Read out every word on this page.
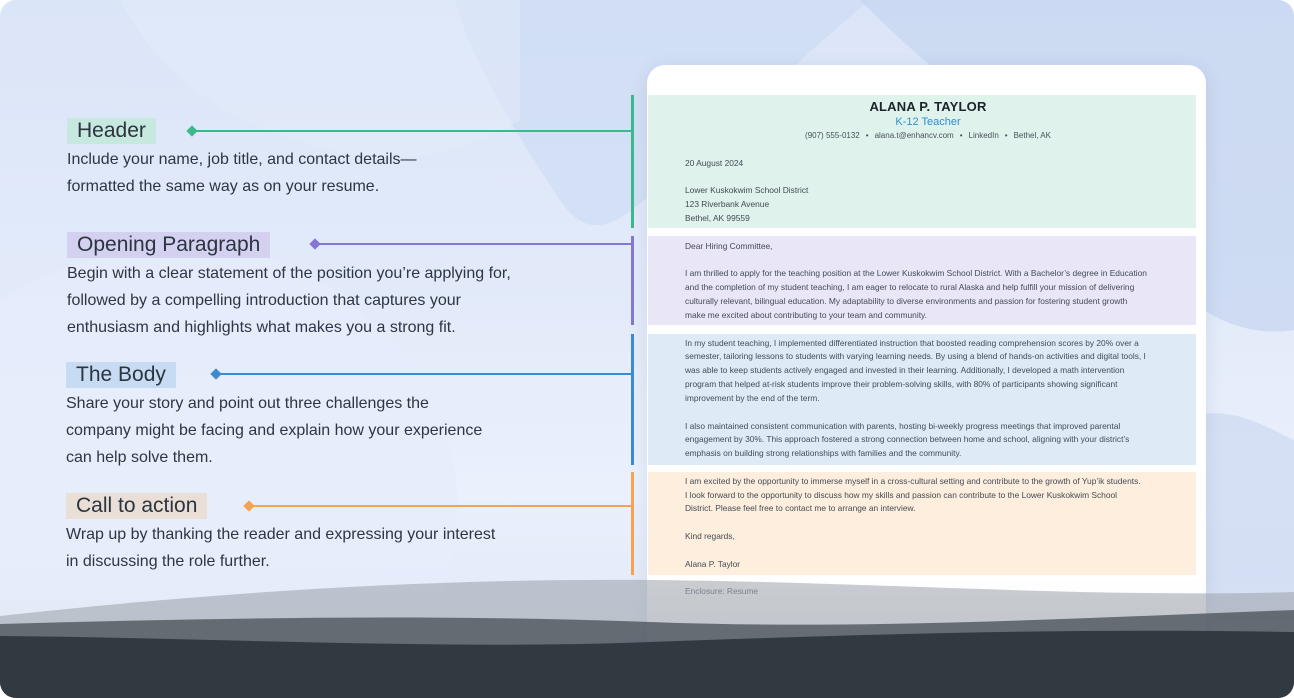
Header
Include your name, job title, and contact details—
formatted the same way as on your resume.
Opening Paragraph
Begin with a clear statement of the position you’re applying for,
followed by a compelling introduction that captures your
enthusiasm and highlights what makes you a strong fit.
The Body
Share your story and point out three challenges the
company might be facing and explain how your experience
can help solve them.
Call to action
Wrap up by thanking the reader and expressing your interest
in discussing the role further.
ALANA P. TAYLOR
K-12 Teacher
(907) 555-0132 • alana.t@enhancv.com • LinkedIn • Bethel, AK
20 August 2024
Lower Kuskokwim School District
123 Riverbank Avenue
Bethel, AK 99559
Dear Hiring Committee,
I am thrilled to apply for the teaching position at the Lower Kuskokwim School District. With a Bachelor’s degree in Education
and the completion of my student teaching, I am eager to relocate to rural Alaska and help fulfill your mission of delivering
culturally relevant, bilingual education. My adaptability to diverse environments and passion for fostering student growth
make me excited about contributing to your team and community.
In my student teaching, I implemented differentiated instruction that boosted reading comprehension scores by 20% over a
semester, tailoring lessons to students with varying learning needs. By using a blend of hands-on activities and digital tools, I
was able to keep students actively engaged and invested in their learning. Additionally, I developed a math intervention
program that helped at-risk students improve their problem-solving skills, with 80% of participants showing significant
improvement by the end of the term.
I also maintained consistent communication with parents, hosting bi-weekly progress meetings that improved parental
engagement by 30%. This approach fostered a strong connection between home and school, aligning with your district’s
emphasis on building strong relationships with families and the community.
I am excited by the opportunity to immerse myself in a cross-cultural setting and contribute to the growth of Yup’ik students.
I look forward to the opportunity to discuss how my skills and passion can contribute to the Lower Kuskokwim School
District. Please feel free to contact me to arrange an interview.
Kind regards,
Alana P. Taylor
